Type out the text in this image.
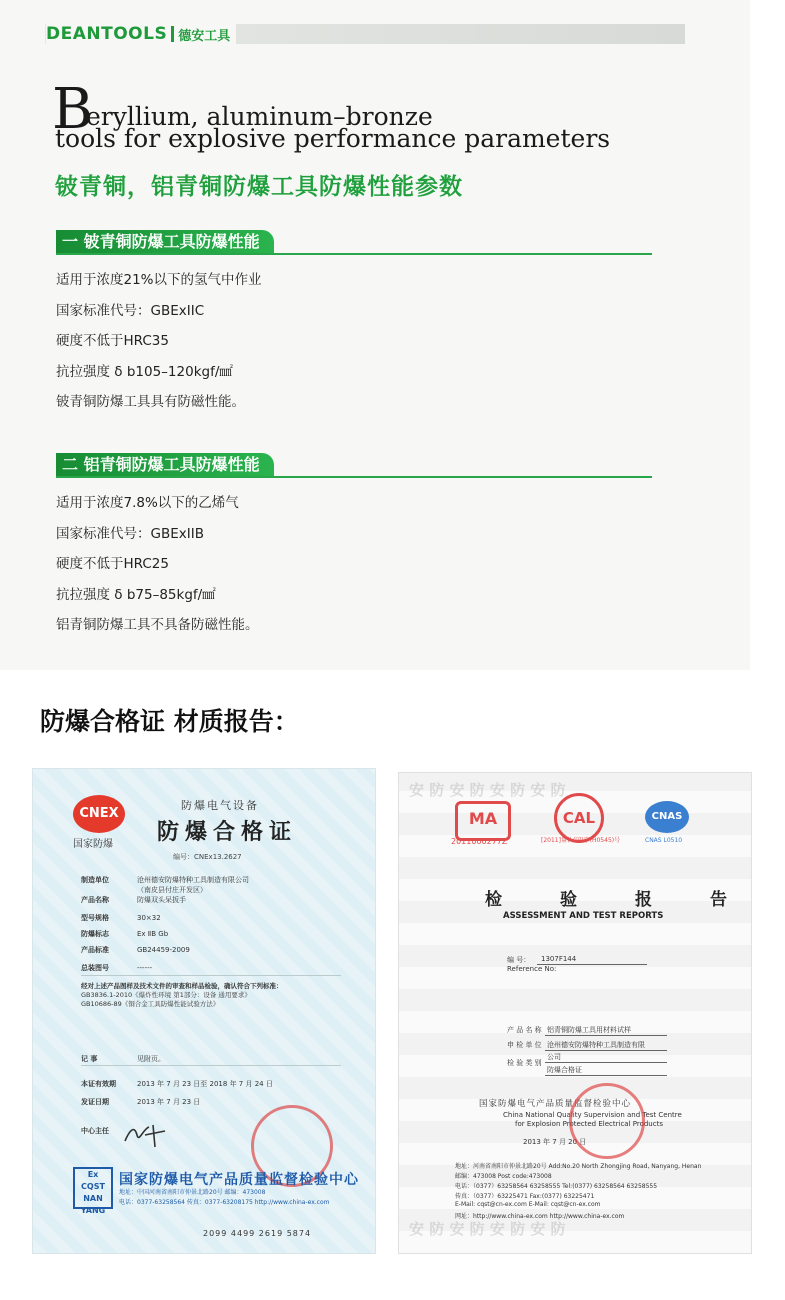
DEANTOOLS 德安工具
B
eryllium, aluminum–bronze
tools for explosive performance parameters
铍青铜，铝青铜防爆工具防爆性能参数
一 铍青铜防爆工具防爆性能
适用于浓度21%以下的氢气中作业
国家标准代号：GBExIIC
硬度不低于HRC35
抗拉强度 δ b105–120kgf/㎟
铍青铜防爆工具具有防磁性能。
二 铝青铜防爆工具防爆性能
适用于浓度7.8%以下的乙烯气
国家标准代号：GBExIIB
硬度不低于HRC25
抗拉强度 δ b75–85kgf/㎟
铝青铜防爆工具不具备防磁性能。
防爆合格证 材质报告：
CNEX
国家防爆
防爆电气设备
防爆合格证
编号：CNEx13.2627
制造单位	沧州德安防爆特种工具制造有限公司
（南皮县付庄开发区）
产品名称	防爆双头呆扳手
型号规格	30×32
防爆标志	Ex ⅡB Gb
产品标准	GB24459-2009
总装图号	------
经对上述产品图样及技术文件的审查和样品检验，确认符合下列标准：
GB3836.1-2010《爆炸性环境 第1部分：设备 通用要求》
GB10686-89《铜合金工具防爆性能试验方法》
记 事	见附页。
本证有效期	2013 年 7 月 23 日至 2018 年 7 月 24 日
发证日期	2013 年 7 月 23 日
中心主任
Ex CQST NAN YANG
国家防爆电气产品质量监督检验中心
地址：中国河南省南阳市仲景北路20号 邮编：473008
电话：0377-63258564 传真：0377-63208175 http://www.china-ex.com
2099 4499 2619 5874
安 防 安 防 安 防 安 防
安 防 安 防 安 防 安 防
MA
2011000277Z
CAL
[2011]量认(国)字(H0545)号
CNAS
CNAS L0510
检验报告
ASSESSMENT AND TEST REPORTS
编 号： 1307F144
Reference No:
产 品 名 称 铝青铜防爆工具用材料试样
申 检 单 位 沧州德安防爆特种工具制造有限
公司
检 验 类 别
防爆合格证
国家防爆电气产品质量监督检验中心
China National Quality Supervision and Test Centre
for Explosion Protected Electrical Products
2013 年 7 月 20 日
地址：河南省南阳市仲景北路20号 Add:No.20 North Zhongjing Road, Nanyang, Henan
邮编：473008 Post code:473008
电话：（0377）63258564 63258555 Tel:(0377) 63258564 63258555
传真：（0377）63225471 Fax:(0377) 63225471
E-Mail: cqst@cn-ex.com E-Mail: cqst@cn-ex.com
网址：http://www.china-ex.com http://www.china-ex.com
